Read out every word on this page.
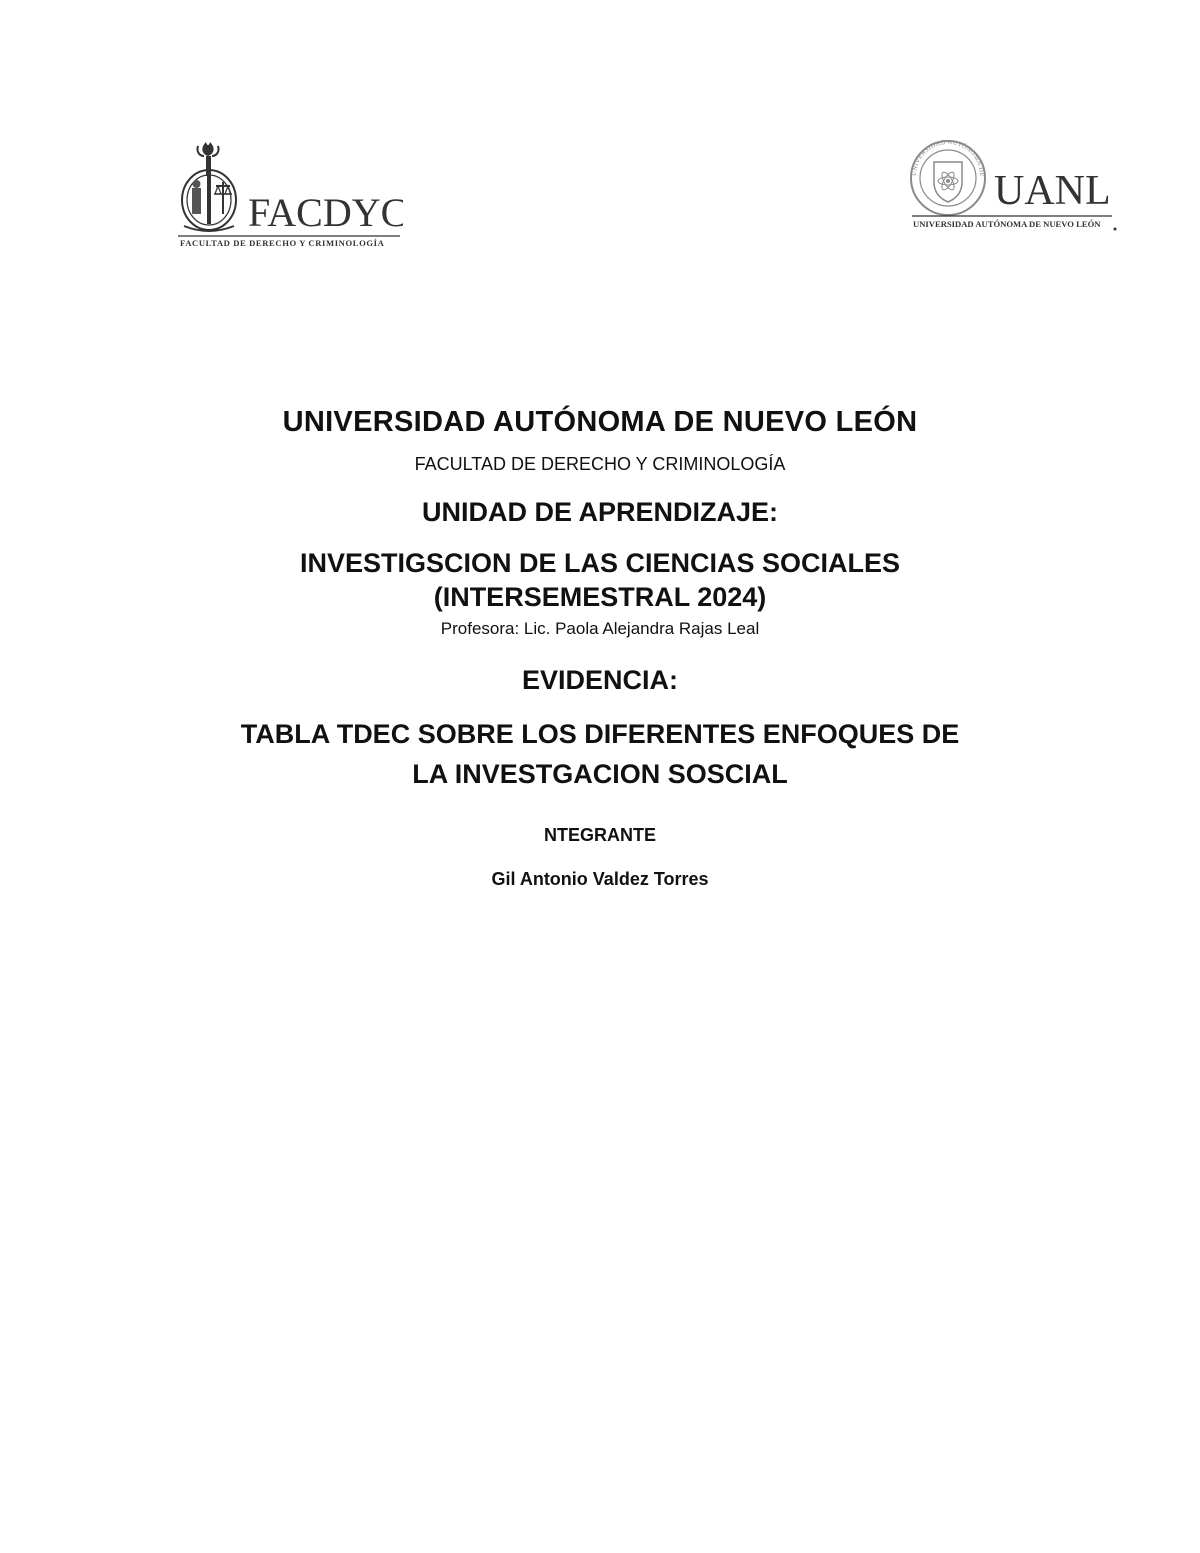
FACDYC
FACULTAD DE DERECHO Y CRIMINOLOGÍA
UNIVERSIDAD AUTÓNOMA DE UANL
UNIVERSIDAD AUTÓNOMA DE NUEVO LEÓN

UNIVERSIDAD AUTÓNOMA DE NUEVO LEÓN

FACULTAD DE DERECHO Y CRIMINOLOGÍA

UNIDAD DE APRENDIZAJE:

INVESTIGSCION DE LAS CIENCIAS SOCIALES

(INTERSEMESTRAL 2024)

Profesora: Lic. Paola Alejandra Rajas Leal

EVIDENCIA:

TABLA TDEC SOBRE LOS DIFERENTES ENFOQUES DE

LA INVESTGACION SOSCIAL

NTEGRANTE

Gil Antonio Valdez Torres
